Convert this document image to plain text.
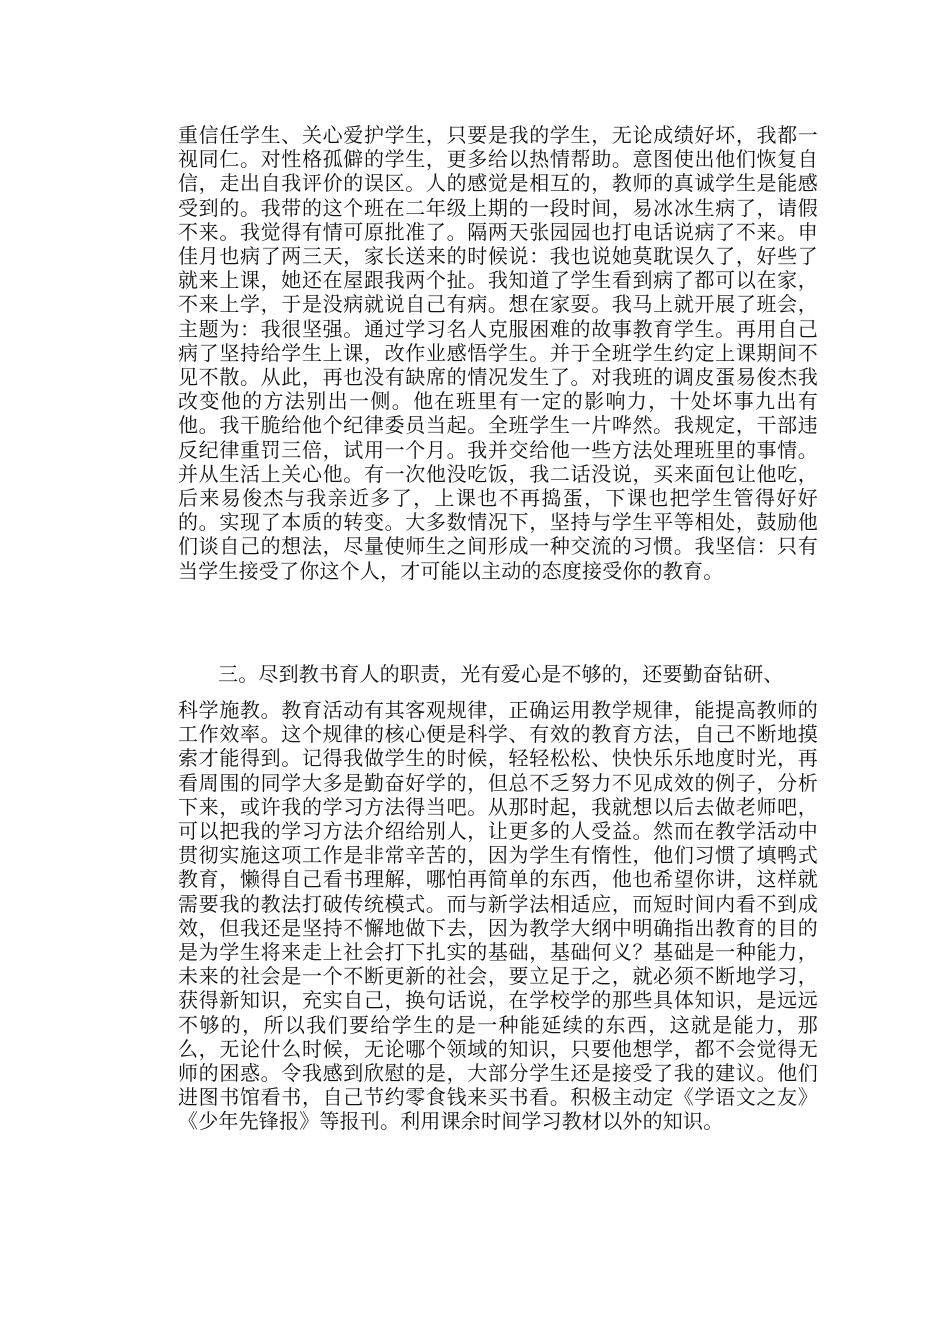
重信任学生、关心爱护学生，只要是我的学生，无论成绩好坏，我都一视同仁。对性格孤僻的学生，更多给以热情帮助。意图使出他们恢复自信，走出自我评价的误区。人的感觉是相互的，教师的真诚学生是能感受到的。我带的这个班在二年级上期的一段时间，易冰冰生病了，请假不来。我觉得有情可原批准了。隔两天张园园也打电话说病了不来。申佳月也病了两三天，家长送来的时候说：我也说她莫耽误久了，好些了就来上课，她还在屋跟我两个扯。我知道了学生看到病了都可以在家，不来上学，于是没病就说自己有病。想在家耍。我马上就开展了班会，主题为：我很坚强。通过学习名人克服困难的故事教育学生。再用自己病了坚持给学生上课，改作业感悟学生。并于全班学生约定上课期间不见不散。从此，再也没有缺席的情况发生了。对我班的调皮蛋易俊杰我改变他的方法别出一侧。他在班里有一定的影响力，十处坏事九出有他。我干脆给他个纪律委员当起。全班学生一片哗然。我规定，干部违反纪律重罚三倍，试用一个月。我并交给他一些方法处理班里的事情。并从生活上关心他。有一次他没吃饭，我二话没说，买来面包让他吃，后来易俊杰与我亲近多了，上课也不再捣蛋，下课也把学生管得好好的。实现了本质的转变。大多数情况下，坚持与学生平等相处，鼓励他们谈自己的想法，尽量使师生之间形成一种交流的习惯。我坚信：只有当学生接受了你这个人，才可能以主动的态度接受你的教育。

三。尽到教书育人的职责，光有爱心是不够的，还要勤奋钻研、

科学施教。教育活动有其客观规律，正确运用教学规律，能提高教师的工作效率。这个规律的核心便是科学、有效的教育方法，自己不断地摸索才能得到。记得我做学生的时候，轻轻松松、快快乐乐地度时光，再看周围的同学大多是勤奋好学的，但总不乏努力不见成效的例子，分析下来，或许我的学习方法得当吧。从那时起，我就想以后去做老师吧，可以把我的学习方法介绍给别人，让更多的人受益。然而在教学活动中贯彻实施这项工作是非常辛苦的，因为学生有惰性，他们习惯了填鸭式教育，懒得自己看书理解，哪怕再简单的东西，他也希望你讲，这样就需要我的教法打破传统模式。而与新学法相适应，而短时间内看不到成效，但我还是坚持不懈地做下去，因为教学大纲中明确指出教育的目的是为学生将来走上社会打下扎实的基础，基础何义？基础是一种能力，未来的社会是一个不断更新的社会，要立足于之，就必须不断地学习，获得新知识，充实自己，换句话说，在学校学的那些具体知识，是远远不够的，所以我们要给学生的是一种能延续的东西，这就是能力，那么，无论什么时候，无论哪个领域的知识，只要他想学，都不会觉得无师的困惑。令我感到欣慰的是，大部分学生还是接受了我的建议。他们进图书馆看书，自己节约零食钱来买书看。积极主动定《学语文之友》《少年先锋报》等报刊。利用课余时间学习教材以外的知识。
